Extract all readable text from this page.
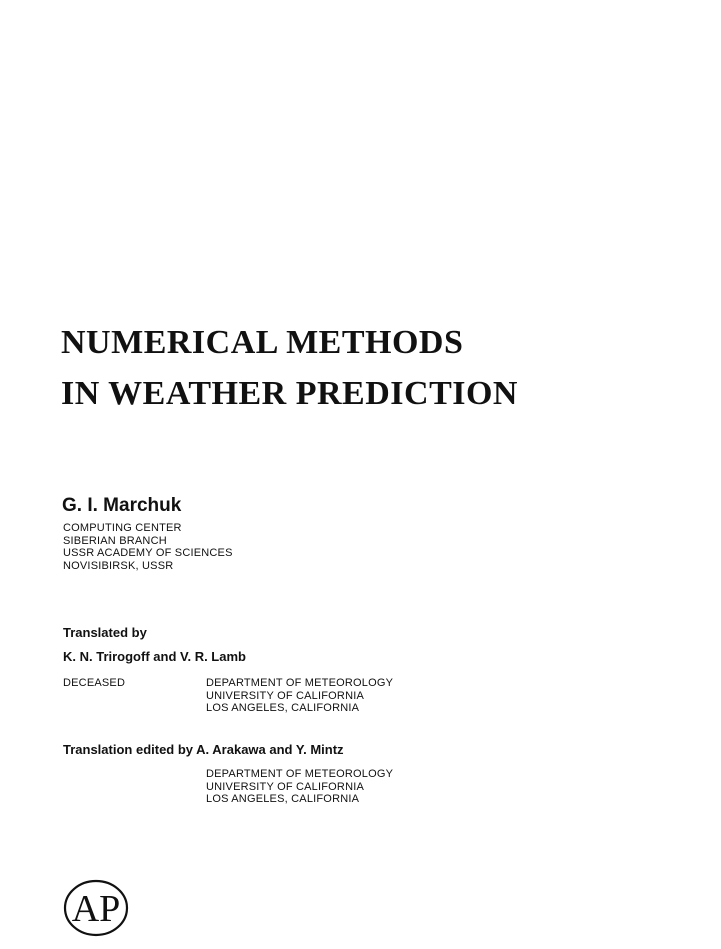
NUMERICAL METHODS
IN WEATHER PREDICTION
G. I. Marchuk
COMPUTING CENTER
SIBERIAN BRANCH
USSR ACADEMY OF SCIENCES
NOVISIBIRSK, USSR
Translated by
K. N. Trirogoff and V. R. Lamb
DECEASED	DEPARTMENT OF METEOROLOGY
UNIVERSITY OF CALIFORNIA
LOS ANGELES, CALIFORNIA
Translation edited by A. Arakawa and Y. Mintz
DEPARTMENT OF METEOROLOGY
UNIVERSITY OF CALIFORNIA
LOS ANGELES, CALIFORNIA
AP
